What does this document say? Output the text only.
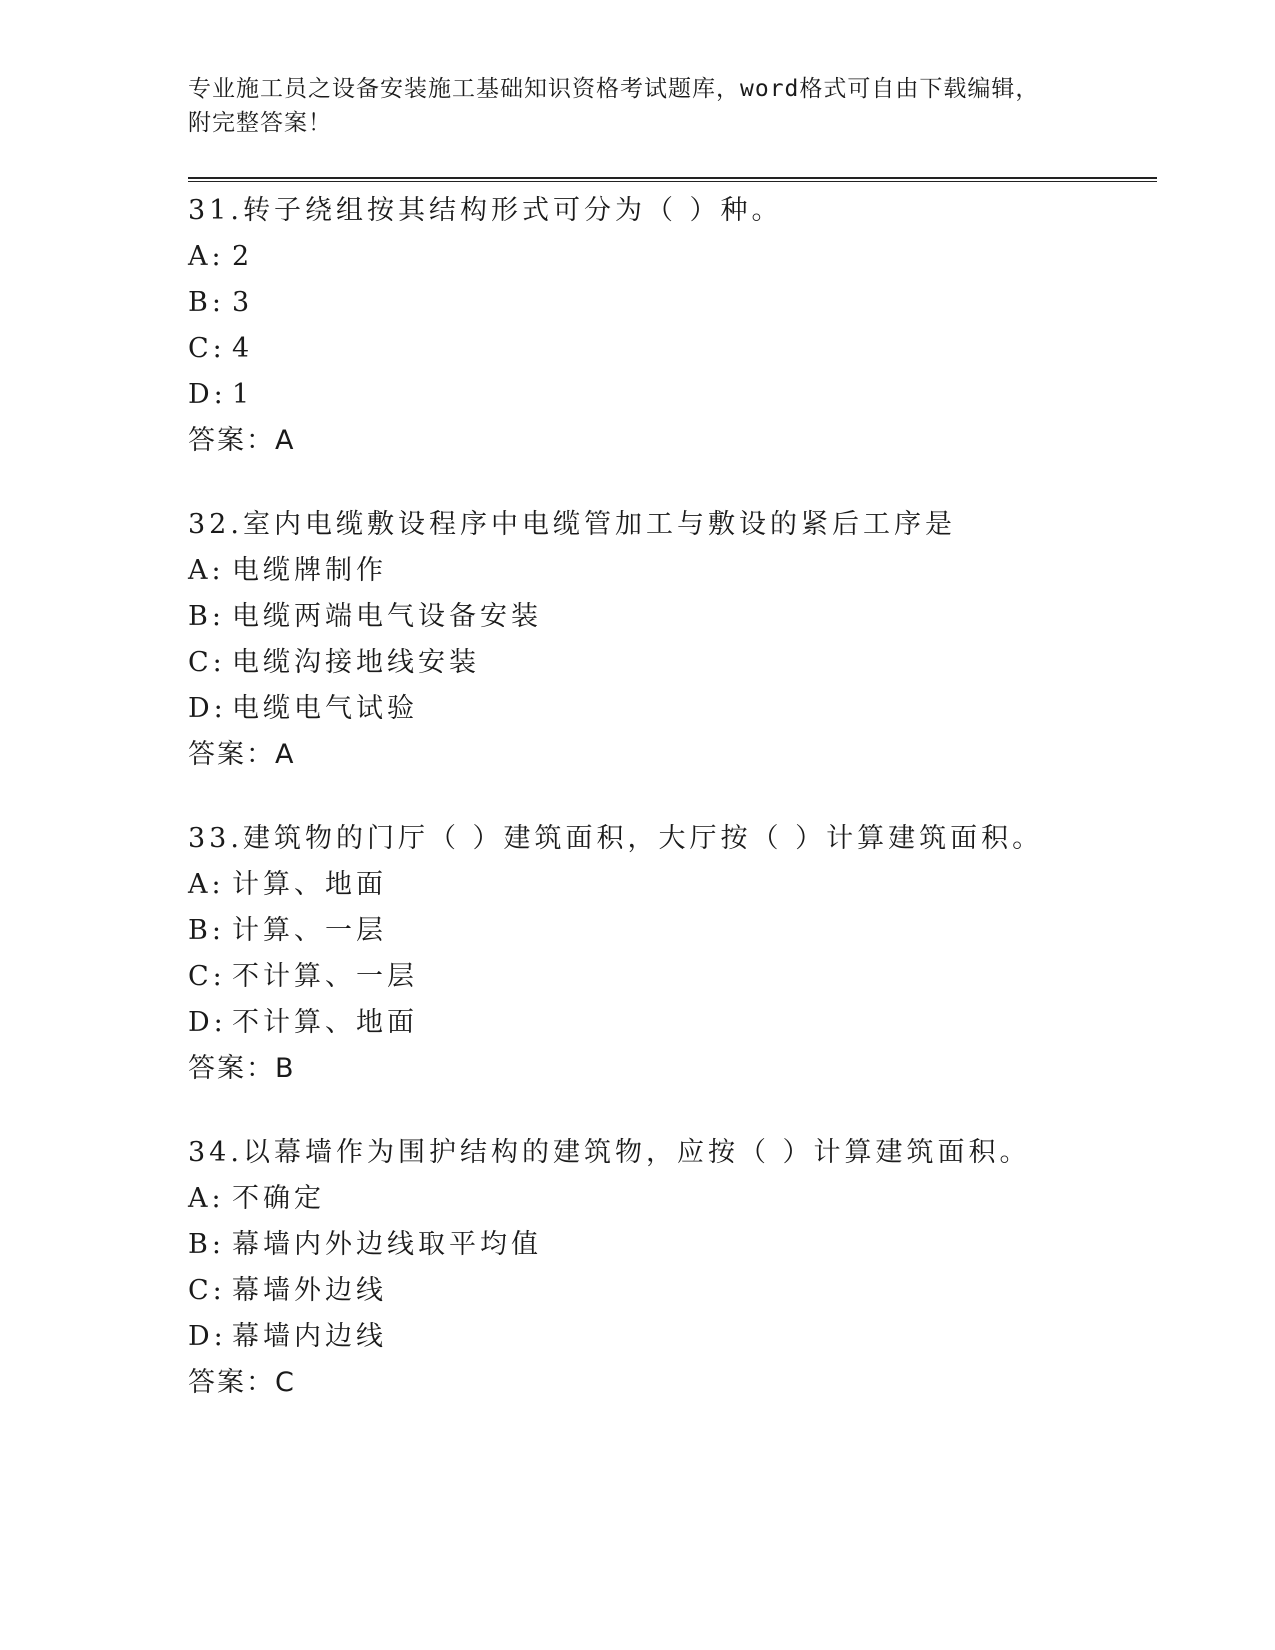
专业施工员之设备安装施工基础知识资格考试题库，word格式可自由下载编辑，
附完整答案！
31.转子绕组按其结构形式可分为（ ）种。
A: 2
B: 3
C: 4
D: 1
答案：A
32.室内电缆敷设程序中电缆管加工与敷设的紧后工序是
A: 电缆牌制作
B: 电缆两端电气设备安装
C: 电缆沟接地线安装
D: 电缆电气试验
答案：A
33.建筑物的门厅（ ）建筑面积，大厅按（ ）计算建筑面积。
A: 计算、地面
B: 计算、一层
C: 不计算、一层
D: 不计算、地面
答案：B
34.以幕墙作为围护结构的建筑物，应按（ ）计算建筑面积。
A: 不确定
B: 幕墙内外边线取平均值
C: 幕墙外边线
D: 幕墙内边线
答案：C
